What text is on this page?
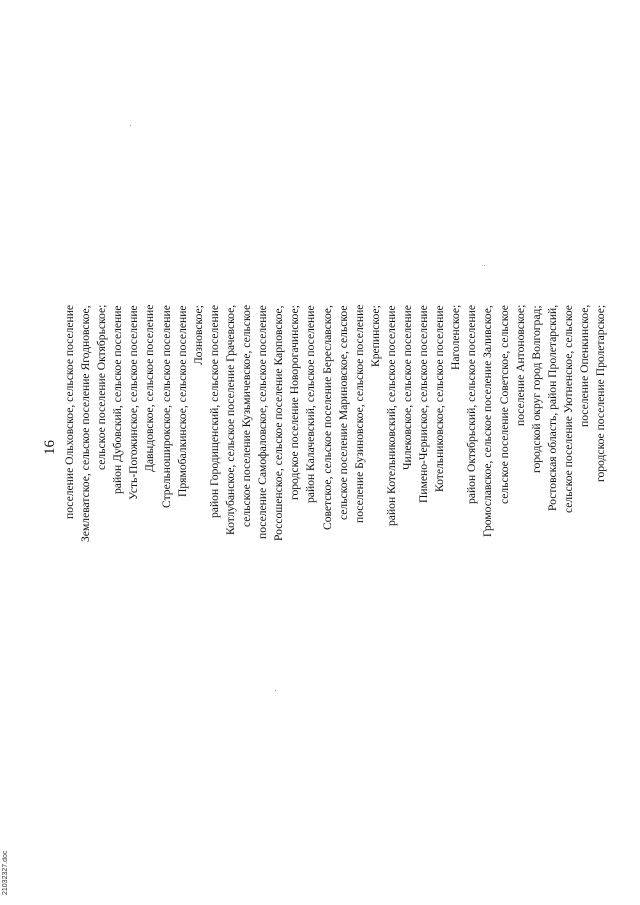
16 поселение Ольховское, сельское поселение Землеватское, сельское поселение Ягодновское, сельское поселение Октябрьское; район Дубовский, сельское поселение Усть-Погожинское, сельское поселение Давыдовское, сельское поселение Стрельноширокское, сельское поселение Прямобалкинское, сельское поселение Лозновское; район Городищенский, сельское поселение Котлубанское, сельское поселение Грачевское, сельское поселение Кузьмичевское, сельское поселение Самофаловское, сельское поселение Россошенское, сельское поселение Карповское, городское поселение Новорогачинское; район Калачевский, сельское поселение Советское, сельское поселение Береславское, сельское поселение Мариновское, сельское поселение Бузиновское, сельское поселение Крепинское; район Котельниковский, сельское поселение Чилековское, сельское поселение Пимено-Черниское, сельское поселение Котельниковское, сельское поселение Наголенское; район Октябрьский, сельское поселение Громославское, сельское поселение Заливское, сельское поселение Советское, сельское поселение Антоновское; городской округ город Волгоград; Ростовская область, район Пролетарский, сельское поселение Уютненское, сельское поселение Опенкинское, городское поселение Пролетарское;
21032327.doc
